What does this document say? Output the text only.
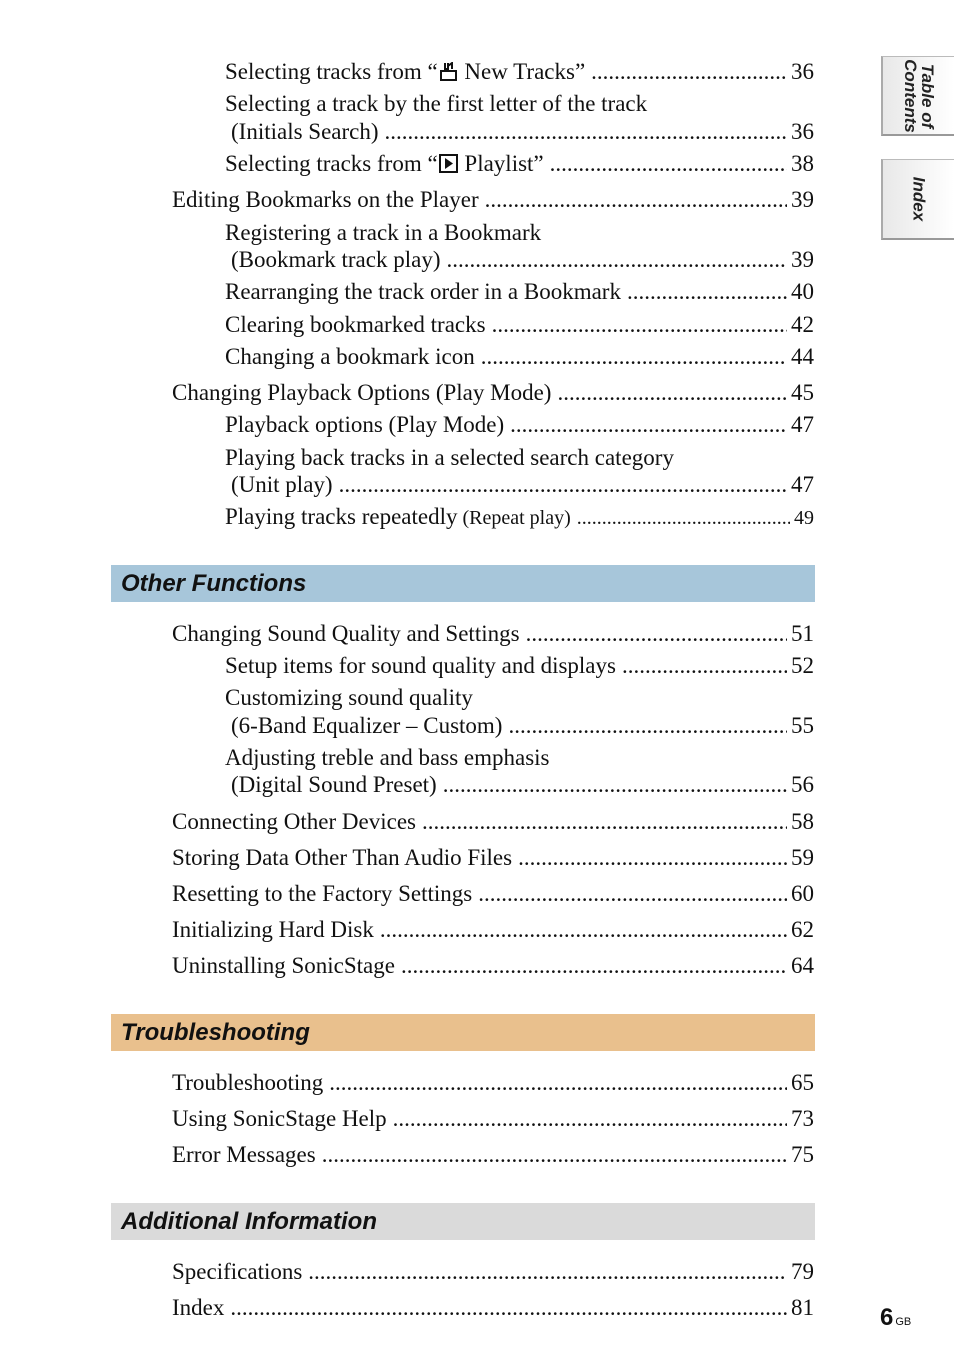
Selecting tracks from “ New Tracks” .....	36
Selecting a track by the first letter of the track
(Initials Search) .....	36
Selecting tracks from “ Playlist” .....	38
Editing Bookmarks on the Player .....	39
Registering a track in a Bookmark
(Bookmark track play) .....	39
Rearranging the track order in a Bookmark .....	40
Clearing bookmarked tracks .....	42
Changing a bookmark icon .....	44
Changing Playback Options (Play Mode) .....	45
Playback options (Play Mode) .....	47
Playing back tracks in a selected search category
(Unit play) .....	47
Playing tracks repeatedly (Repeat play) .....	49
Other Functions
Changing Sound Quality and Settings .....	51
Setup items for sound quality and displays .....	52
Customizing sound quality
(6-Band Equalizer – Custom) .....	55
Adjusting treble and bass emphasis
(Digital Sound Preset) .....	56
Connecting Other Devices .....	58
Storing Data Other Than Audio Files .....	59
Resetting to the Factory Settings .....	60
Initializing Hard Disk .....	62
Uninstalling SonicStage .....	64
Troubleshooting
Troubleshooting .....	65
Using SonicStage Help .....	73
Error Messages .....	75
Additional Information
Specifications .....	79
Index .....	81
Table of Contents
Index
6 GB
